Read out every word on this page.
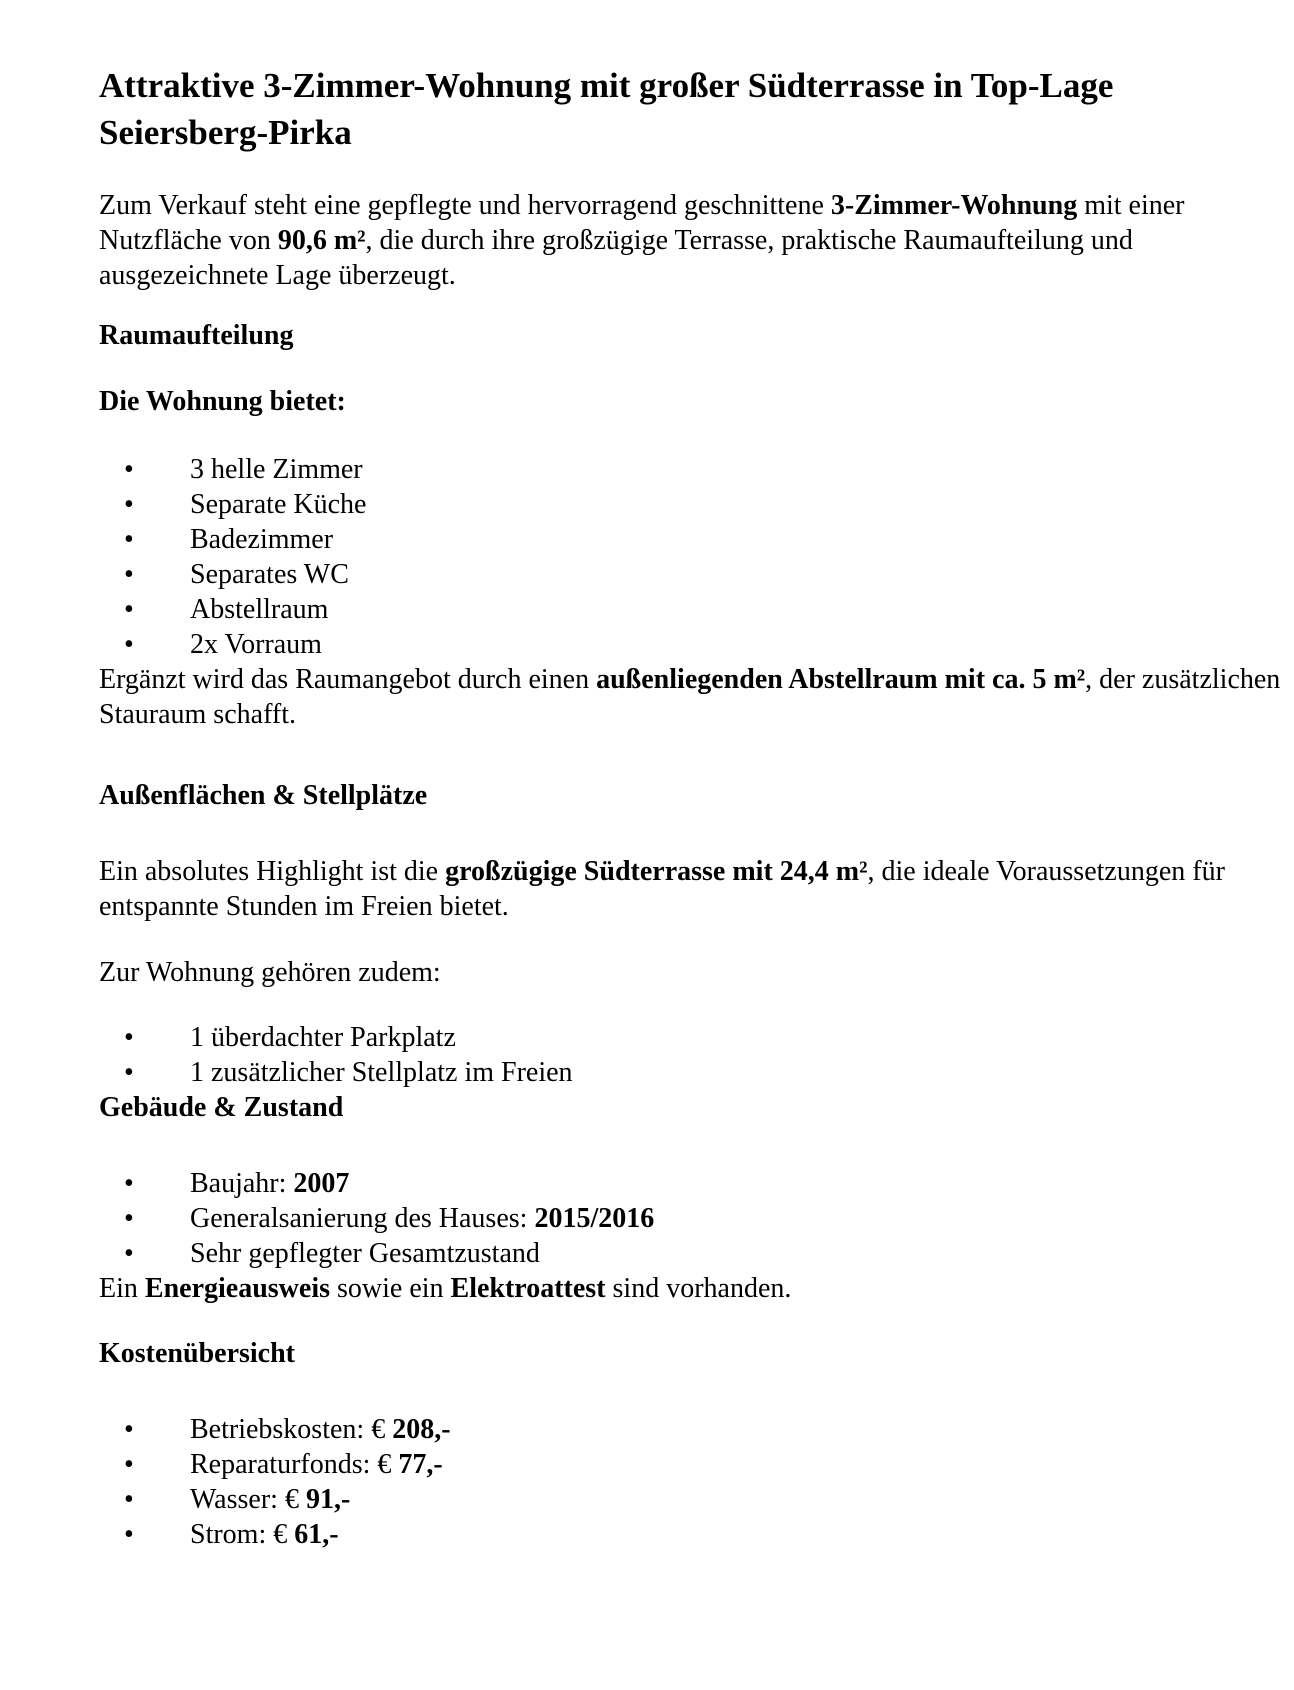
Attraktive 3-Zimmer-Wohnung mit großer Südterrasse in Top-Lage Seiersberg-Pirka

Zum Verkauf steht eine gepflegte und hervorragend geschnittene 3-Zimmer-Wohnung mit einer Nutzfläche von 90,6 m², die durch ihre großzügige Terrasse, praktische Raumaufteilung und ausgezeichnete Lage überzeugt.

Raumaufteilung
Die Wohnung bietet:
• 3 helle Zimmer
• Separate Küche
• Badezimmer
• Separates WC
• Abstellraum
• 2x Vorraum

Ergänzt wird das Raumangebot durch einen außenliegenden Abstellraum mit ca. 5 m², der zusätzlichen Stauraum schafft.

Außenflächen & Stellplätze

Ein absolutes Highlight ist die großzügige Südterrasse mit 24,4 m², die ideale Voraussetzungen für entspannte Stunden im Freien bietet.

Zur Wohnung gehören zudem:

• 1 überdachter Parkplatz
• 1 zusätzlicher Stellplatz im Freien
Gebäude & Zustand
• Baujahr: 2007
• Generalsanierung des Hauses: 2015/2016
• Sehr gepflegter Gesamtzustand

Ein Energieausweis sowie ein Elektroattest sind vorhanden.

Kostenübersicht
• Betriebskosten: € 208,-
• Reparaturfonds: € 77,-
• Wasser: € 91,-
• Strom: € 61,-
